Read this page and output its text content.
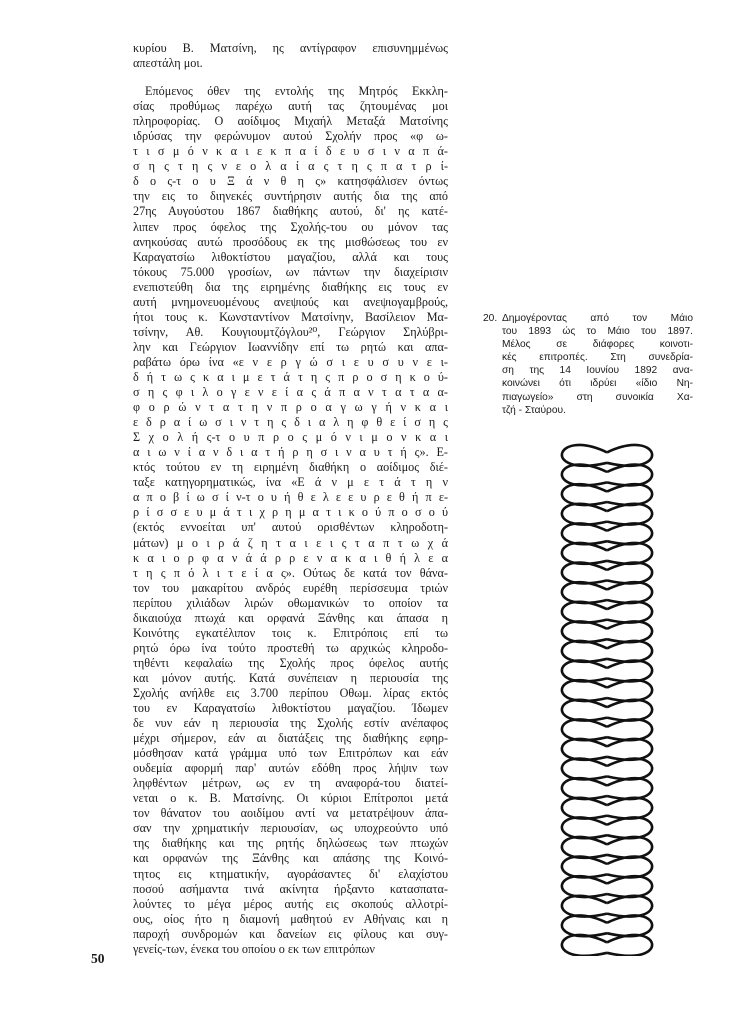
κυρίου Β. Ματσίνη, ης αντίγραφον επισυνημμένως
απεστάλη μοι.
Επόμενος όθεν της εντολής της Μητρός Εκκλη-
σίας προθύμως παρέχω αυτή τας ζητουμένας μοι
πληροφορίας. Ο αοίδιμος Μιχαήλ Μεταξά Ματσίνης
ιδρύσας την φερώνυμον αυτού Σχολήν προς «φ ω-
τ ι σ μ ό ν κ α ι ε κ π α ί δ ε υ σ ι ν α π ά-
σ η ς τ η ς ν ε ο λ α ί α ς τ η ς π α τ ρ ί-
δ ο ς-τ ο υ Ξ ά ν θ η ς» κατησφάλισεν όντως
την εις το διηνεκές συντήρησιν αυτής δια της από
27ης Αυγούστου 1867 διαθήκης αυτού, δι' ης κατέ-
λιπεν προς όφελος της Σχολής-του ου μόνον τας
ανηκούσας αυτώ προσόδους εκ της μισθώσεως του εν
Καραγατσίω λιθοκτίστου μαγαζίου, αλλά και τους
τόκους 75.000 γροσίων, ων πάντων την διαχείρισιν
ενεπιστεύθη δια της ειρημένης διαθήκης εις τους εν
αυτή μνημονευομένους ανεψιούς και ανεψιογαμβρούς,
ήτοι τους κ. Κωνσταντίνον Ματσίνην, Βασίλειον Μα-
τσίνην, Αθ. Κουγιουμτζόγλου²⁰, Γεώργιον Σηλύβρι-
λην και Γεώργιον Ιωαννίδην επί τω ρητώ και απα-
ραβάτω όρω ίνα «ε ν ε ρ γ ώ σ ι ε υ σ υ ν ε ι-
δ ή τ ω ς κ α ι μ ε τ ά τ η ς π ρ ο σ η κ ο ύ-
σ η ς φ ι λ ο γ ε ν ε ί α ς ά π α ν τ α τ α α-
φ ο ρ ώ ν τ α τ η ν π ρ ο α γ ω γ ή ν κ α ι
ε δ ρ α ί ω σ ι ν τ η ς δ ι α λ η φ θ ε ί σ η ς
Σ χ ο λ ή ς-τ ο υ π ρ ο ς μ ό ν ι μ ο ν κ α ι
α ι ω ν ί α ν δ ι α τ ή ρ η σ ι ν α υ τ ή ς». Ε-
κτός τούτου εν τη ειρημένη διαθήκη ο αοίδιμος διέ-
ταξε κατηγορηματικώς, ίνα «Ε ά ν μ ε τ ά τ η ν
α π ο β ί ω σ ί ν-τ ο υ ή θ ε λ ε ε υ ρ ε θ ή π ε-
ρ ί σ σ ε υ μ ά τ ι χ ρ η μ α τ ι κ ο ύ π ο σ ο ύ
(εκτός εννοείται υπ' αυτού ορισθέντων κληροδοτη-
μάτων) μ ο ι ρ ά ζ η τ α ι ε ι ς τ α π τ ω χ ά
κ α ι ο ρ φ α ν ά ά ρ ρ ε ν α κ α ι θ ή λ ε α
τ η ς π ό λ ι τ ε ί α ς». Ούτως δε κατά τον θάνα-
τον του μακαρίτου ανδρός ευρέθη περίσσευμα τριών
περίπου χιλιάδων λιρών οθωμανικών το οποίον τα
δικαιούχα πτωχά και ορφανά Ξάνθης και άπασα η
Κοινότης εγκατέλιπον τοις κ. Επιτρόποις επί τω
ρητώ όρω ίνα τούτο προστεθή τω αρχικώς κληροδο-
τηθέντι κεφαλαίω της Σχολής προς όφελος αυτής
και μόνον αυτής. Κατά συνέπειαν η περιουσία της
Σχολής ανήλθε εις 3.700 περίπου Οθωμ. λίρας εκτός
του εν Καραγατσίω λιθοκτίστου μαγαζίου. Ίδωμεν
δε νυν εάν η περιουσία της Σχολής εστίν ανέπαφος
μέχρι σήμερον, εάν αι διατάξεις της διαθήκης εφηρ-
μόσθησαν κατά γράμμα υπό των Επιτρόπων και εάν
ουδεμία αφορμή παρ' αυτών εδόθη προς λήψιν των
ληφθέντων μέτρων, ως εν τη αναφορά-του διατεί-
νεται ο κ. Β. Ματσίνης. Οι κύριοι Επίτροποι μετά
τον θάνατον του αοιδίμου αντί να μετατρέψουν άπα-
σαν την χρηματικήν περιουσίαν, ως υποχρεούντο υπό
της διαθήκης και της ρητής δηλώσεως των πτωχών
και ορφανών της Ξάνθης και απάσης της Κοινό-
τητος εις κτηματικήν, αγοράσαντες δι' ελαχίστου
ποσού ασήμαντα τινά ακίνητα ήρξαντο κατασπατα-
λούντες το μέγα μέρος αυτής εις σκοπούς αλλοτρί-
ους, οίος ήτο η διαμονή μαθητού εν Αθήναις και η
παροχή συνδρομών και δανείων εις φίλους και συγ-
γενείς-των, ένεκα του οποίου ο εκ των επιτρόπων
20. Δημογέροντας από τον Μάιο
του 1893 ώς το Μάιο του 1897.
Μέλος σε διάφορες κοινοτι-
κές επιτροπές. Στη συνεδρία-
ση της 14 Ιουνίου 1892 ανα-
κοινώνει ότι ιδρύει «ίδιο Νη-
πιαγωγείο» στη συνοικία Χα-
τζή - Σταύρου.
50
